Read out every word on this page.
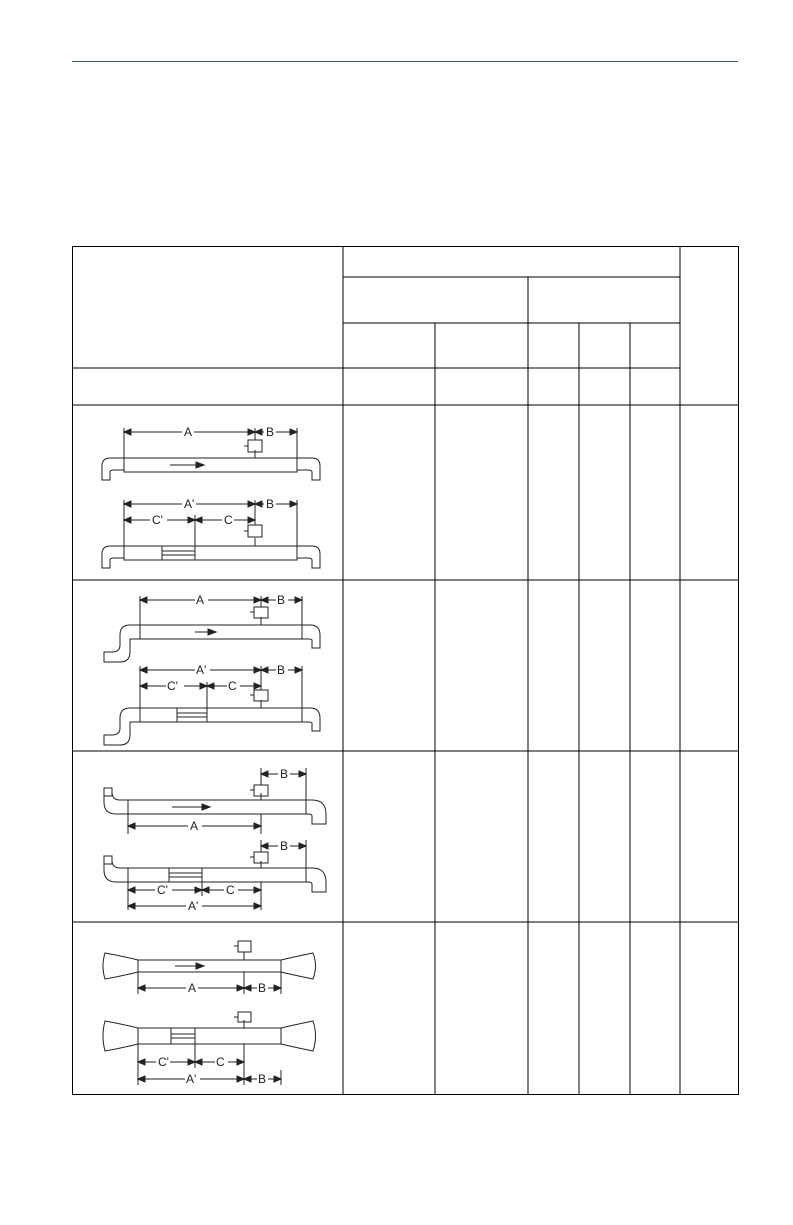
A	B
A'	B
C'	C
A	B
A'	B
C'	C
B
A
B
C'	C
A'
A	B
C'	C
A'	B
